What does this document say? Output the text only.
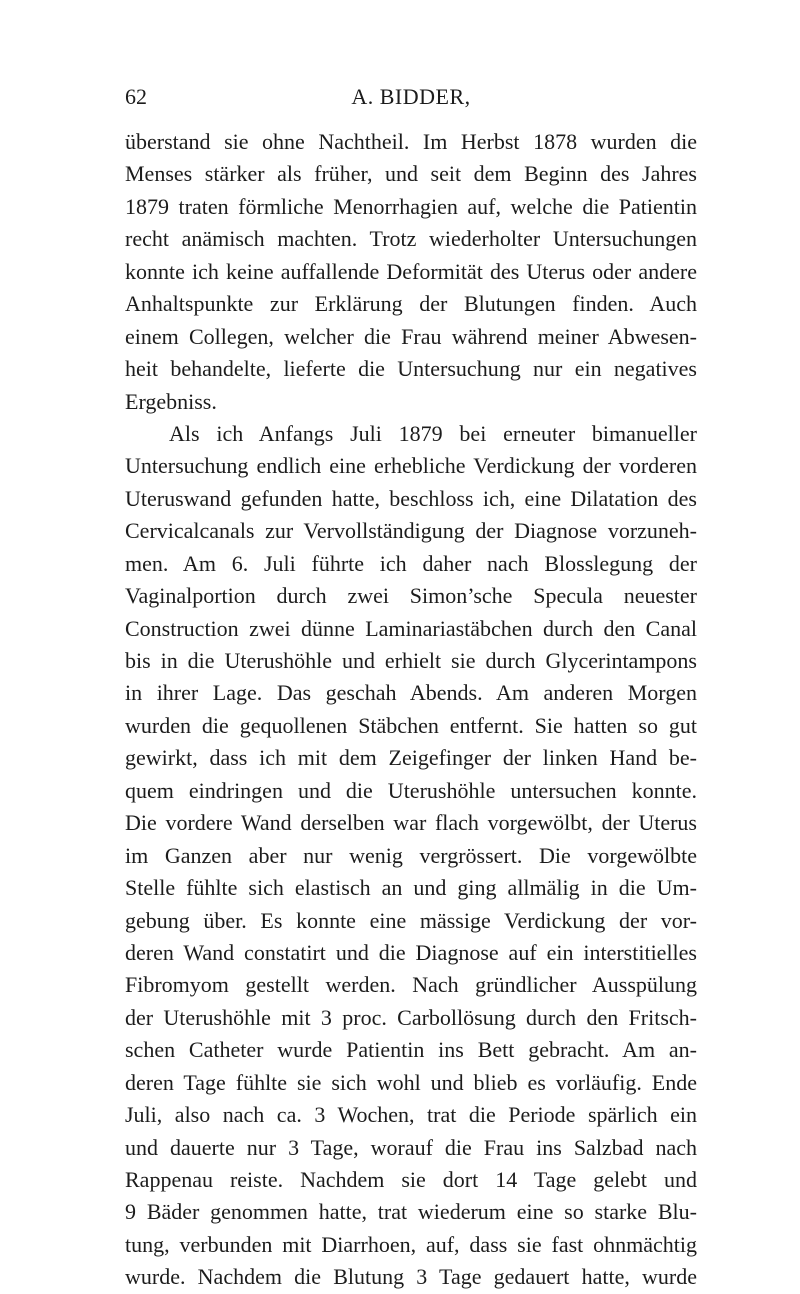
62	A. BIDDER,
überstand sie ohne Nachtheil. Im Herbst 1878 wurden die
Menses stärker als früher, und seit dem Beginn des Jahres
1879 traten förmliche Menorrhagien auf, welche die Patientin
recht anämisch machten. Trotz wiederholter Untersuchungen
konnte ich keine auffallende Deformität des Uterus oder andere
Anhaltspunkte zur Erklärung der Blutungen finden. Auch
einem Collegen, welcher die Frau während meiner Abwesen-
heit behandelte, lieferte die Untersuchung nur ein negatives
Ergebniss.
Als ich Anfangs Juli 1879 bei erneuter bimanueller
Untersuchung endlich eine erhebliche Verdickung der vorderen
Uteruswand gefunden hatte, beschloss ich, eine Dilatation des
Cervicalcanals zur Vervollständigung der Diagnose vorzuneh-
men. Am 6. Juli führte ich daher nach Blosslegung der
Vaginalportion durch zwei Simon’sche Specula neuester
Construction zwei dünne Laminariastäbchen durch den Canal
bis in die Uterushöhle und erhielt sie durch Glycerintampons
in ihrer Lage. Das geschah Abends. Am anderen Morgen
wurden die gequollenen Stäbchen entfernt. Sie hatten so gut
gewirkt, dass ich mit dem Zeigefinger der linken Hand be-
quem eindringen und die Uterushöhle untersuchen konnte.
Die vordere Wand derselben war flach vorgewölbt, der Uterus
im Ganzen aber nur wenig vergrössert. Die vorgewölbte
Stelle fühlte sich elastisch an und ging allmälig in die Um-
gebung über. Es konnte eine mässige Verdickung der vor-
deren Wand constatirt und die Diagnose auf ein interstitielles
Fibromyom gestellt werden. Nach gründlicher Ausspülung
der Uterushöhle mit 3 proc. Carbollösung durch den Fritsch-
schen Catheter wurde Patientin ins Bett gebracht. Am an-
deren Tage fühlte sie sich wohl und blieb es vorläufig. Ende
Juli, also nach ca. 3 Wochen, trat die Periode spärlich ein
und dauerte nur 3 Tage, worauf die Frau ins Salzbad nach
Rappenau reiste. Nachdem sie dort 14 Tage gelebt und
9 Bäder genommen hatte, trat wiederum eine so starke Blu-
tung, verbunden mit Diarrhoen, auf, dass sie fast ohnmächtig
wurde. Nachdem die Blutung 3 Tage gedauert hatte, wurde
